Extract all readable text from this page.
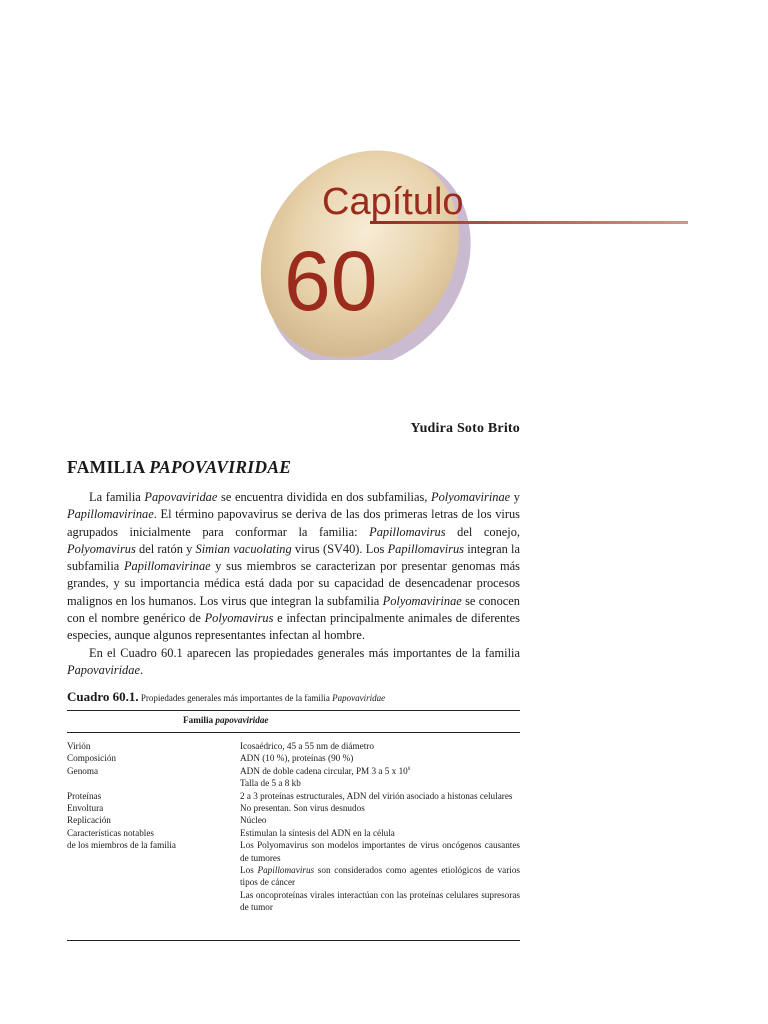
Capítulo
60
Yudira Soto Brito
FAMILIA PAPOVAVIRIDAE

La familia Papovaviridae se encuentra dividida en dos subfamilias, Polyomavirinae y Papillomavirinae. El término papovavirus se deriva de las dos primeras letras de los virus agrupados inicialmente para conformar la familia: Papillomavirus del conejo, Polyomavirus del ratón y Simian vacuolating virus (SV40). Los Papillomavirus integran la subfamilia Papillomavirinae y sus miembros se caracterizan por presentar genomas más grandes, y su importancia médica está dada por su capacidad de desencadenar procesos malignos en los humanos. Los virus que integran la subfamilia Polyomavirinae se conocen con el nombre genérico de Polyomavirus e infectan principalmente animales de diferentes especies, aunque algunos representantes infectan al hombre.

En el Cuadro 60.1 aparecen las propiedades generales más importantes de la familia Papovaviridae.

Cuadro 60.1. Propiedades generales más importantes de la familia Papovaviridae
Familia papovaviridae
Virión	Icosaédrico, 45 a 55 nm de diámetro
Composición	ADN (10 %), proteínas (90 %)
Genoma	ADN de doble cadena circular, PM 3 a 5 x $10^6$
Talla de 5 a 8 kb
Proteínas	2 a 3 proteínas estructurales, ADN del virión asociado a histonas celulares
Envoltura	No presentan. Son virus desnudos
Replicación	Núcleo
Características notables	Estimulan la síntesis del ADN en la célula
de los miembros de la familia	Los Polyomavirus son modelos importantes de virus oncógenos causantes de tumores
Los Papillomavirus son considerados como agentes etiológicos de varios tipos de cáncer
Las oncoproteínas virales interactúan con las proteínas celulares supresoras de tumor
